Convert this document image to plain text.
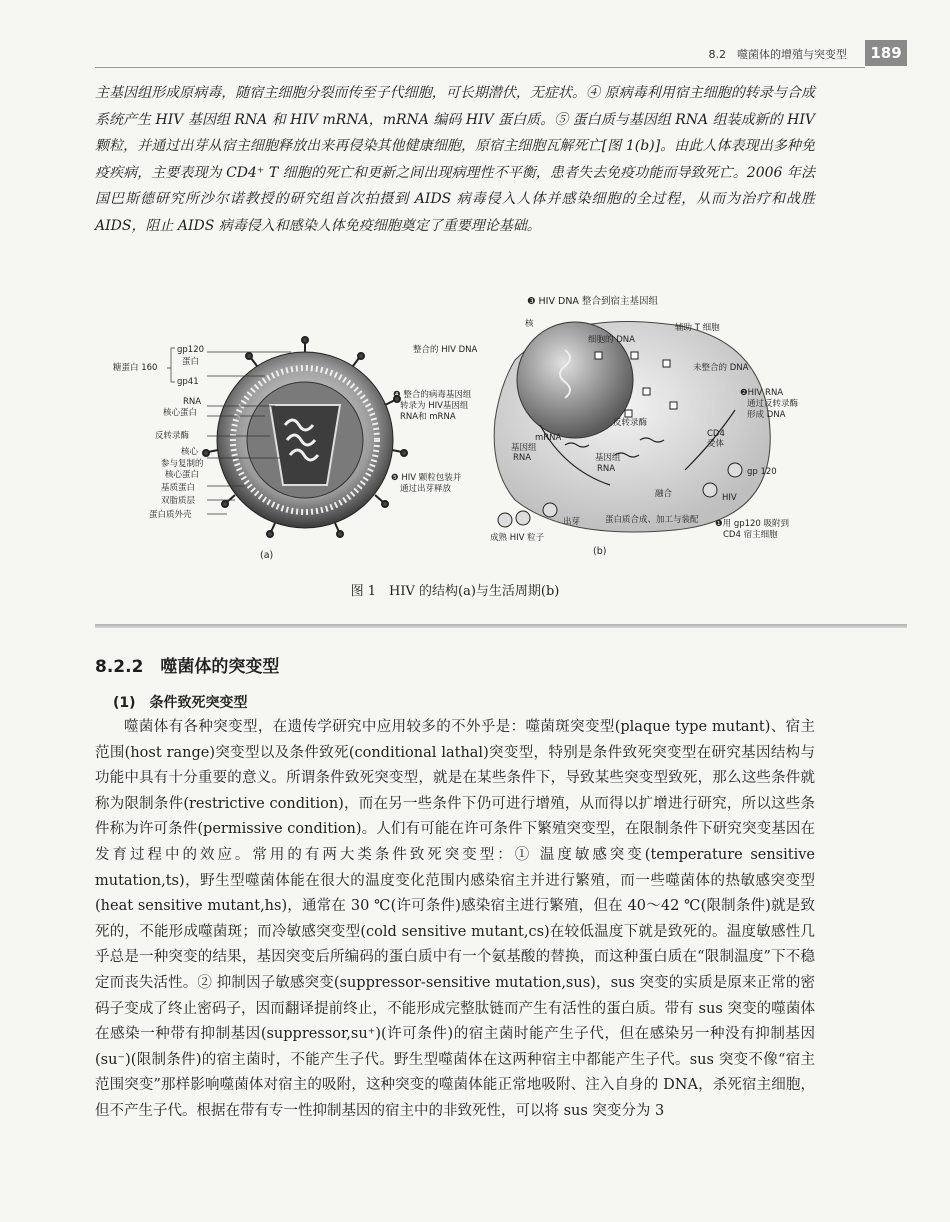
8.2　噬菌体的增殖与突变型	189
主基因组形成原病毒，随宿主细胞分裂而传至子代细胞，可长期潜伏，无症状。④ 原病毒利用宿主细胞的转录与合成系统产生 HIV 基因组 RNA 和 HIV mRNA，mRNA 编码 HIV 蛋白质。⑤ 蛋白质与基因组 RNA 组装成新的 HIV 颗粒，并通过出芽从宿主细胞释放出来再侵染其他健康细胞，原宿主细胞瓦解死亡[图 1(b)]。由此人体表现出多种免疫疾病，主要表现为 CD4⁺ T 细胞的死亡和更新之间出现病理性不平衡，患者失去免疫功能而导致死亡。2006 年法国巴斯德研究所沙尔诺教授的研究组首次拍摄到 AIDS 病毒侵入人体并感染细胞的全过程，从而为治疗和战胜 AIDS，阻止 AIDS 病毒侵入和感染人体免疫细胞奠定了重要理论基础。
糖蛋白 160
gp120
蛋白
gp41
RNA
核心蛋白
反转录酶
核心
参与复制的
核心蛋白
基质蛋白
双脂质层
蛋白质外壳
(a)
❸ HIV DNA 整合到宿主基因组
核	辅助 T 细胞
整合的 HIV DNA
细胞的 DNA
未整合的 DNA
❹ 整合的病毒基因组
转录为 HIV基因组
RNA和 mRNA
❷HIV RNA
通过反转录酶
形成 DNA
反转录酶
mRNA
基因组
RNA	基因组
RNA
CD4
受体
gp 120
❺ HIV 颗粒包装并
通过出芽释放	融合	HIV
出芽	蛋白质合成、加工与装配
成熟 HIV 粒子
❶用 gp120 吸附到
CD4 宿主细胞
(b)
图 1　HIV 的结构(a)与生活周期(b)
8.2.2　噬菌体的突变型
(1)　条件致死突变型
噬菌体有各种突变型，在遗传学研究中应用较多的不外乎是：噬菌斑突变型(plaque type mutant)、宿主范围(host range)突变型以及条件致死(conditional lathal)突变型，特别是条件致死突变型在研究基因结构与功能中具有十分重要的意义。所谓条件致死突变型，就是在某些条件下，导致某些突变型致死，那么这些条件就称为限制条件(restrictive condition)，而在另一些条件下仍可进行增殖，从而得以扩增进行研究，所以这些条件称为许可条件(permissive condition)。人们有可能在许可条件下繁殖突变型，在限制条件下研究突变基因在发育过程中的效应。常用的有两大类条件致死突变型：① 温度敏感突变(temperature sensitive mutation,ts)，野生型噬菌体能在很大的温度变化范围内感染宿主并进行繁殖，而一些噬菌体的热敏感突变型(heat sensitive mutant,hs)，通常在 30 ℃(许可条件)感染宿主进行繁殖，但在 40～42 ℃(限制条件)就是致死的，不能形成噬菌斑；而冷敏感突变型(cold sensitive mutant,cs)在较低温度下就是致死的。温度敏感性几乎总是一种突变的结果，基因突变后所编码的蛋白质中有一个氨基酸的替换，而这种蛋白质在“限制温度”下不稳定而丧失活性。② 抑制因子敏感突变(suppressor-sensitive mutation,sus)，sus 突变的实质是原来正常的密码子变成了终止密码子，因而翻译提前终止，不能形成完整肽链而产生有活性的蛋白质。带有 sus 突变的噬菌体在感染一种带有抑制基因(suppressor,su⁺)(许可条件)的宿主菌时能产生子代，但在感染另一种没有抑制基因(su⁻)(限制条件)的宿主菌时，不能产生子代。野生型噬菌体在这两种宿主中都能产生子代。sus 突变不像“宿主范围突变”那样影响噬菌体对宿主的吸附，这种突变的噬菌体能正常地吸附、注入自身的 DNA，杀死宿主细胞，但不产生子代。根据在带有专一性抑制基因的宿主中的非致死性，可以将 sus 突变分为 3
